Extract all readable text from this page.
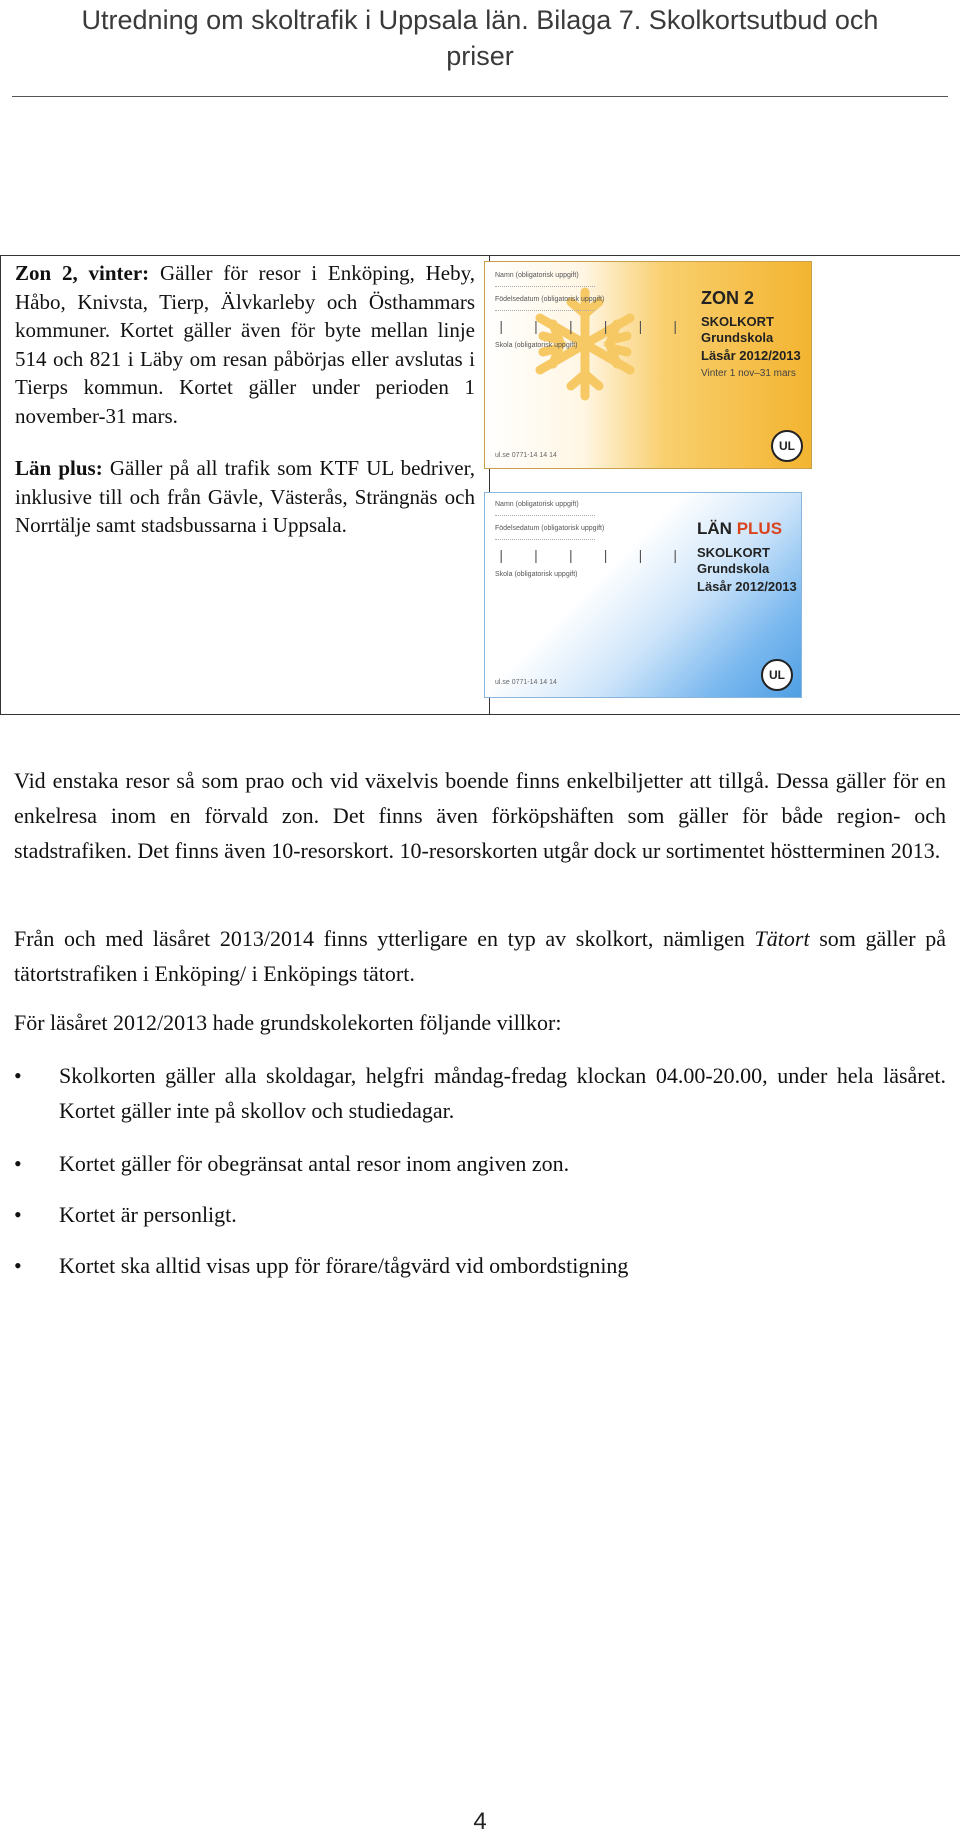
Utredning om skoltrafik i Uppsala län. Bilaga 7. Skolkortsutbud och
priser

Zon 2, vinter: Gäller för resor i Enköping, Heby, Håbo, Knivsta, Tierp, Älvkarleby och Östhammars kommuner. Kortet gäller även för byte mellan linje 514 och 821 i Läby om resan påbörjas eller avslutas i Tierps kommun. Kortet gäller under perioden 1 november-31 mars.

Län plus: Gäller på all trafik som KTF UL bedriver, inklusive till och från Gävle, Västerås, Strängnäs och Norrtälje samt stadsbussarna i Uppsala.

Namn (obligatorisk uppgift)
Födelsedatum (obligatorisk uppgift)
| | | | | |
Skola (obligatorisk uppgift)
ZON 2
SKOLKORT
Grundskola
Läsår 2012/2013
Vinter 1 nov–31 mars
ul.se 0771-14 14 14
UL
Namn (obligatorisk uppgift)
Födelsedatum (obligatorisk uppgift)
| | | | | |
Skola (obligatorisk uppgift)
LÄN PLUS
SKOLKORT
Grundskola
Läsår 2012/2013
ul.se 0771-14 14 14
UL

Vid enstaka resor så som prao och vid växelvis boende finns enkelbiljetter att tillgå. Dessa gäller för en enkelresa inom en förvald zon. Det finns även förköpshäften som gäller för både region- och stadstrafiken. Det finns även 10-resorskort. 10-resorskorten utgår dock ur sortimentet höstterminen 2013.

Från och med läsåret 2013/2014 finns ytterligare en typ av skolkort, nämligen Tätort som gäller på tätortstrafiken i Enköping/ i Enköpings tätort.

För läsåret 2012/2013 hade grundskolekorten följande villkor:

• Skolkorten gäller alla skoldagar, helgfri måndag-fredag klockan 04.00-20.00, under hela läsåret. Kortet gäller inte på skollov och studiedagar.
• Kortet gäller för obegränsat antal resor inom angiven zon.
• Kortet är personligt.
• Kortet ska alltid visas upp för förare/tågvärd vid ombordstigning
4
